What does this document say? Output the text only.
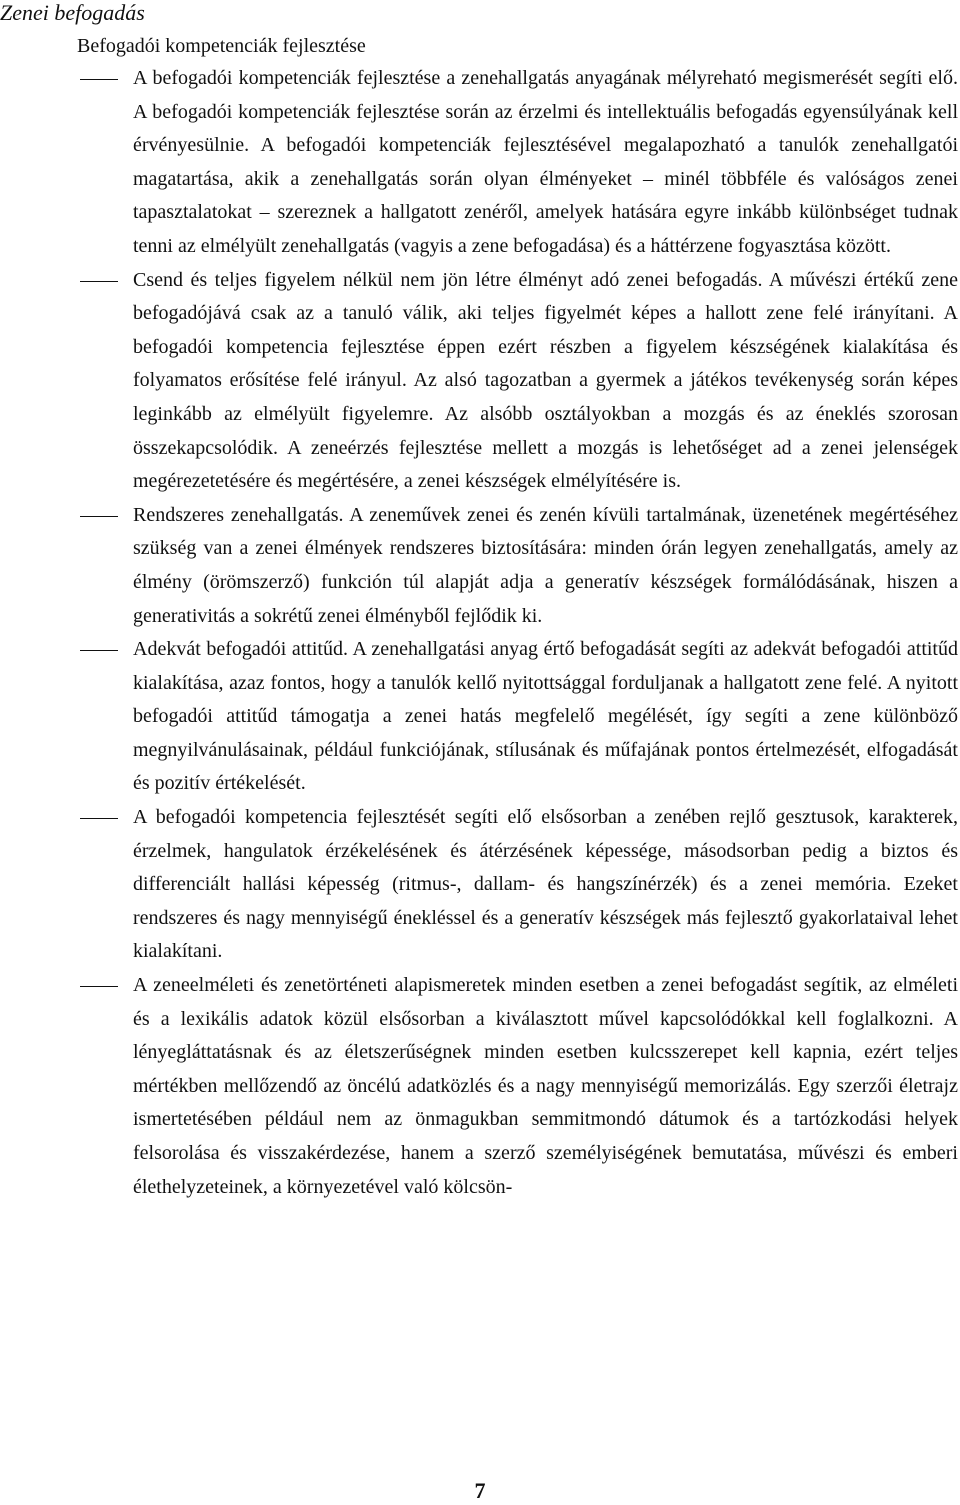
Zenei befogadás
Befogadói kompetenciák fejlesztése
A befogadói kompetenciák fejlesztése a zenehallgatás anyagának mélyreható megismerését segíti elő. A befogadói kompetenciák fejlesztése során az érzelmi és intellektuális befogadás egyensúlyának kell érvényesülnie. A befogadói kompetenciák fejlesztésével megalapozható a tanulók zenehallgatói magatartása, akik a zenehallgatás során olyan élményeket – minél többféle és valóságos zenei tapasztalatokat – szereznek a hallgatott zenéről, amelyek hatására egyre inkább különbséget tudnak tenni az elmélyült zenehallgatás (vagyis a zene befogadása) és a háttérzene fogyasztása között.
Csend és teljes figyelem nélkül nem jön létre élményt adó zenei befogadás. A művészi értékű zene befogadójává csak az a tanuló válik, aki teljes figyelmét képes a hallott zene felé irányítani. A befogadói kompetencia fejlesztése éppen ezért részben a figyelem készségének kialakítása és folyamatos erősítése felé irányul. Az alsó tagozatban a gyermek a játékos tevékenység során képes leginkább az elmélyült figyelemre. Az alsóbb osztályokban a mozgás és az éneklés szorosan összekapcsolódik. A zeneérzés fejlesztése mellett a mozgás is lehetőséget ad a zenei jelenségek megérezetetésére és megértésére, a zenei készségek elmélyítésére is.
Rendszeres zenehallgatás. A zeneművek zenei és zenén kívüli tartalmának, üzenetének megértéséhez szükség van a zenei élmények rendszeres biztosítására: minden órán legyen zenehallgatás, amely az élmény (örömszerző) funkción túl alapját adja a generatív készségek formálódásának, hiszen a generativitás a sokrétű zenei élményből fejlődik ki.
Adekvát befogadói attitűd. A zenehallgatási anyag értő befogadását segíti az adekvát befogadói attitűd kialakítása, azaz fontos, hogy a tanulók kellő nyitottsággal forduljanak a hallgatott zene felé. A nyitott befogadói attitűd támogatja a zenei hatás megfelelő megélését, így segíti a zene különböző megnyilvánulásainak, például funkciójának, stílusának és műfajának pontos értelmezését, elfogadását és pozitív értékelését.
A befogadói kompetencia fejlesztését segíti elő elsősorban a zenében rejlő gesztusok, karakterek, érzelmek, hangulatok érzékelésének és átérzésének képessége, másodsorban pedig a biztos és differenciált hallási képesség (ritmus-, dallam- és hangszínérzék) és a zenei memória. Ezeket rendszeres és nagy mennyiségű énekléssel és a generatív készségek más fejlesztő gyakorlataival lehet kialakítani.
A zeneelméleti és zenetörténeti alapismeretek minden esetben a zenei befogadást segítik, az elméleti és a lexikális adatok közül elsősorban a kiválasztott művel kapcsolódókkal kell foglalkozni. A lényegláttatásnak és az életszerűségnek minden esetben kulcsszerepet kell kapnia, ezért teljes mértékben mellőzendő az öncélú adatközlés és a nagy mennyiségű memorizálás. Egy szerzői életrajz ismertetésében például nem az önmagukban semmitmondó dátumok és a tartózkodási helyek felsorolása és visszakérdezése, hanem a szerző személyiségének bemutatása, művészi és emberi élethelyzeteinek, a környezetével való kölcsön-
7
